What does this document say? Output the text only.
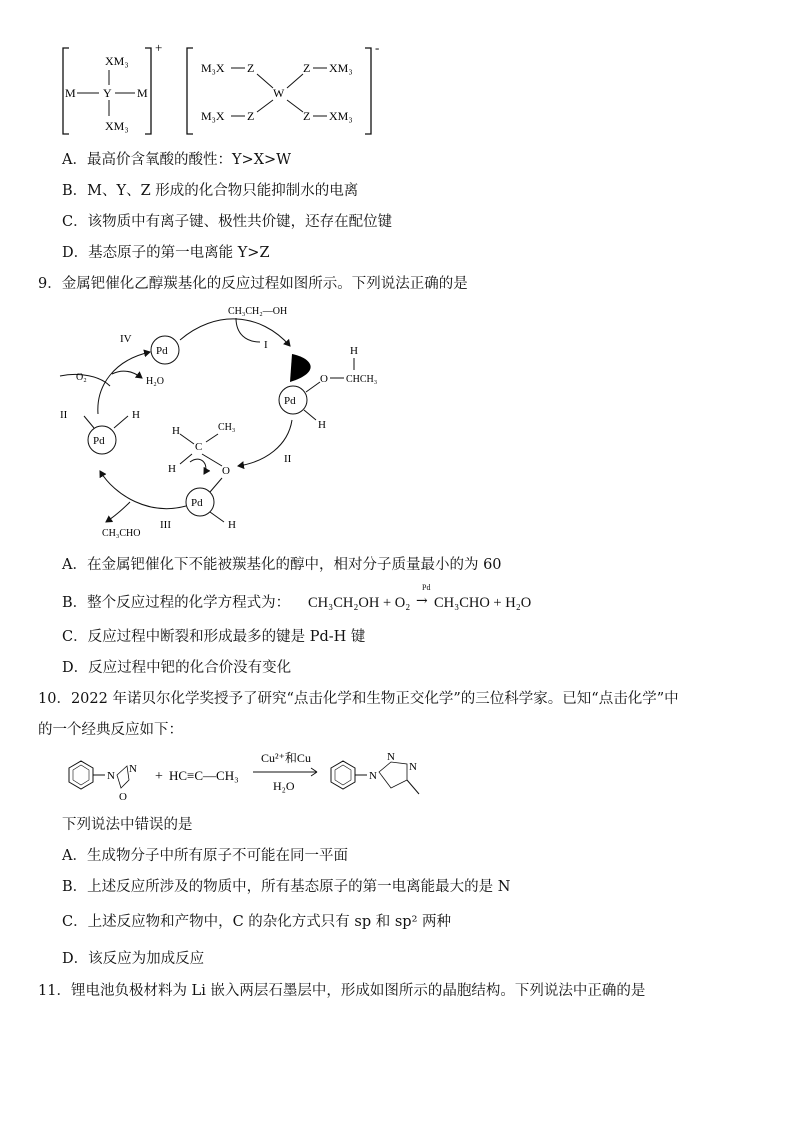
XM₃
M Y M
XM₃
+
M₃X Z
W
Z XM₃
M₃X Z	Z XM₃
-
A．最高价含氧酸的酸性：Y>X>W
B．M、Y、Z 形成的化合物只能抑制水的电离
C．该物质中有离子键、极性共价键，还存在配位键
D．基态原子的第一电离能 Y>Z
9．金属钯催化乙醇羰基化的反应过程如图所示。下列说法正确的是
Pd
CH₃CH₂—OH
I
Pd
O
H
CHCH₃
H
II
Pd
H
C
CH₃
H	O
H
III
CH₃CHO
Pd
II	H
IV
O₂	H₂O
A．在金属钯催化下不能被羰基化的醇中，相对分子质量最小的为 60
B．整个反应过程的化学方程式为： CH₃CH₂OH + O₂
Pd
→ CH₃CHO + H₂O
C．反应过程中断裂和形成最多的键是 Pd-H 键
D．反应过程中钯的化合价没有变化
10．2022 年诺贝尔化学奖授予了研究“点击化学和生物正交化学”的三位科学家。已知“点击化学”中
的一个经典反应如下：
N
N
O
+ HC≡C—CH₃
Cu²⁺和Cu
H₂O
N
N
N
下列说法中错误的是
A．生成物分子中所有原子不可能在同一平面
B．上述反应所涉及的物质中，所有基态原子的第一电离能最大的是 N
C．上述反应物和产物中，C 的杂化方式只有 sp 和 sp² 两种
D．该反应为加成反应
11．锂电池负极材料为 Li 嵌入两层石墨层中，形成如图所示的晶胞结构。下列说法中正确的是
